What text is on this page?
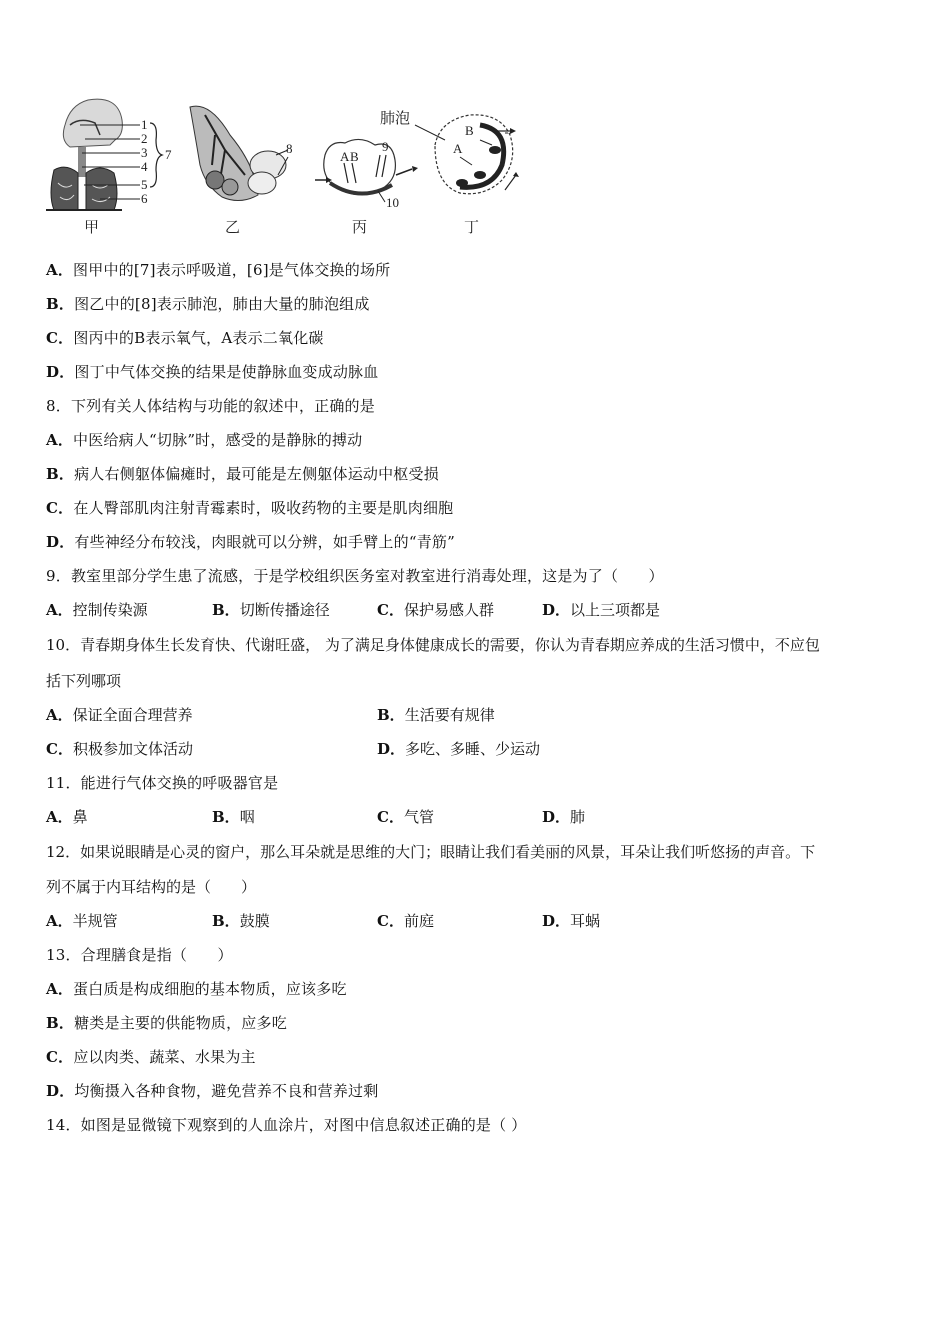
1
2
3
4
5
6
7
甲
8
乙
A B
9
10
丙
肺泡
B
A
丁
A．图甲中的[7]表示呼吸道，[6]是气体交换的场所
B．图乙中的[8]表示肺泡，肺由大量的肺泡组成
C．图丙中的B表示氧气，A表示二氧化碳
D．图丁中气体交换的结果是使静脉血变成动脉血
8．下列有关人体结构与功能的叙述中，正确的是
A．中医给病人“切脉”时，感受的是静脉的搏动
B．病人右侧躯体偏瘫时，最可能是左侧躯体运动中枢受损
C．在人臀部肌肉注射青霉素时，吸收药物的主要是肌肉细胞
D．有些神经分布较浅，肉眼就可以分辨，如手臂上的“青筋”
9．教室里部分学生患了流感，于是学校组织医务室对教室进行消毒处理，这是为了（　　）
A．控制传染源	B．切断传播途径	C．保护易感人群	D．以上三项都是
10．青春期身体生长发育快、代谢旺盛， 为了满足身体健康成长的需要，你认为青春期应养成的生活习惯中，不应包
括下列哪项
A．保证全面合理营养	B．生活要有规律
C．积极参加文体活动	D．多吃、多睡、少运动
11．能进行气体交换的呼吸器官是
A．鼻	B．咽	C．气管	D．肺
12．如果说眼睛是心灵的窗户，那么耳朵就是思维的大门；眼睛让我们看美丽的风景，耳朵让我们听悠扬的声音。下
列不属于内耳结构的是（　　）
A．半规管	B．鼓膜	C．前庭	D．耳蜗
13．合理膳食是指（　　）
A．蛋白质是构成细胞的基本物质，应该多吃
B．糖类是主要的供能物质，应多吃
C．应以肉类、蔬菜、水果为主
D．均衡摄入各种食物，避免营养不良和营养过剩
14．如图是显微镜下观察到的人血涂片，对图中信息叙述正确的是（ ）
